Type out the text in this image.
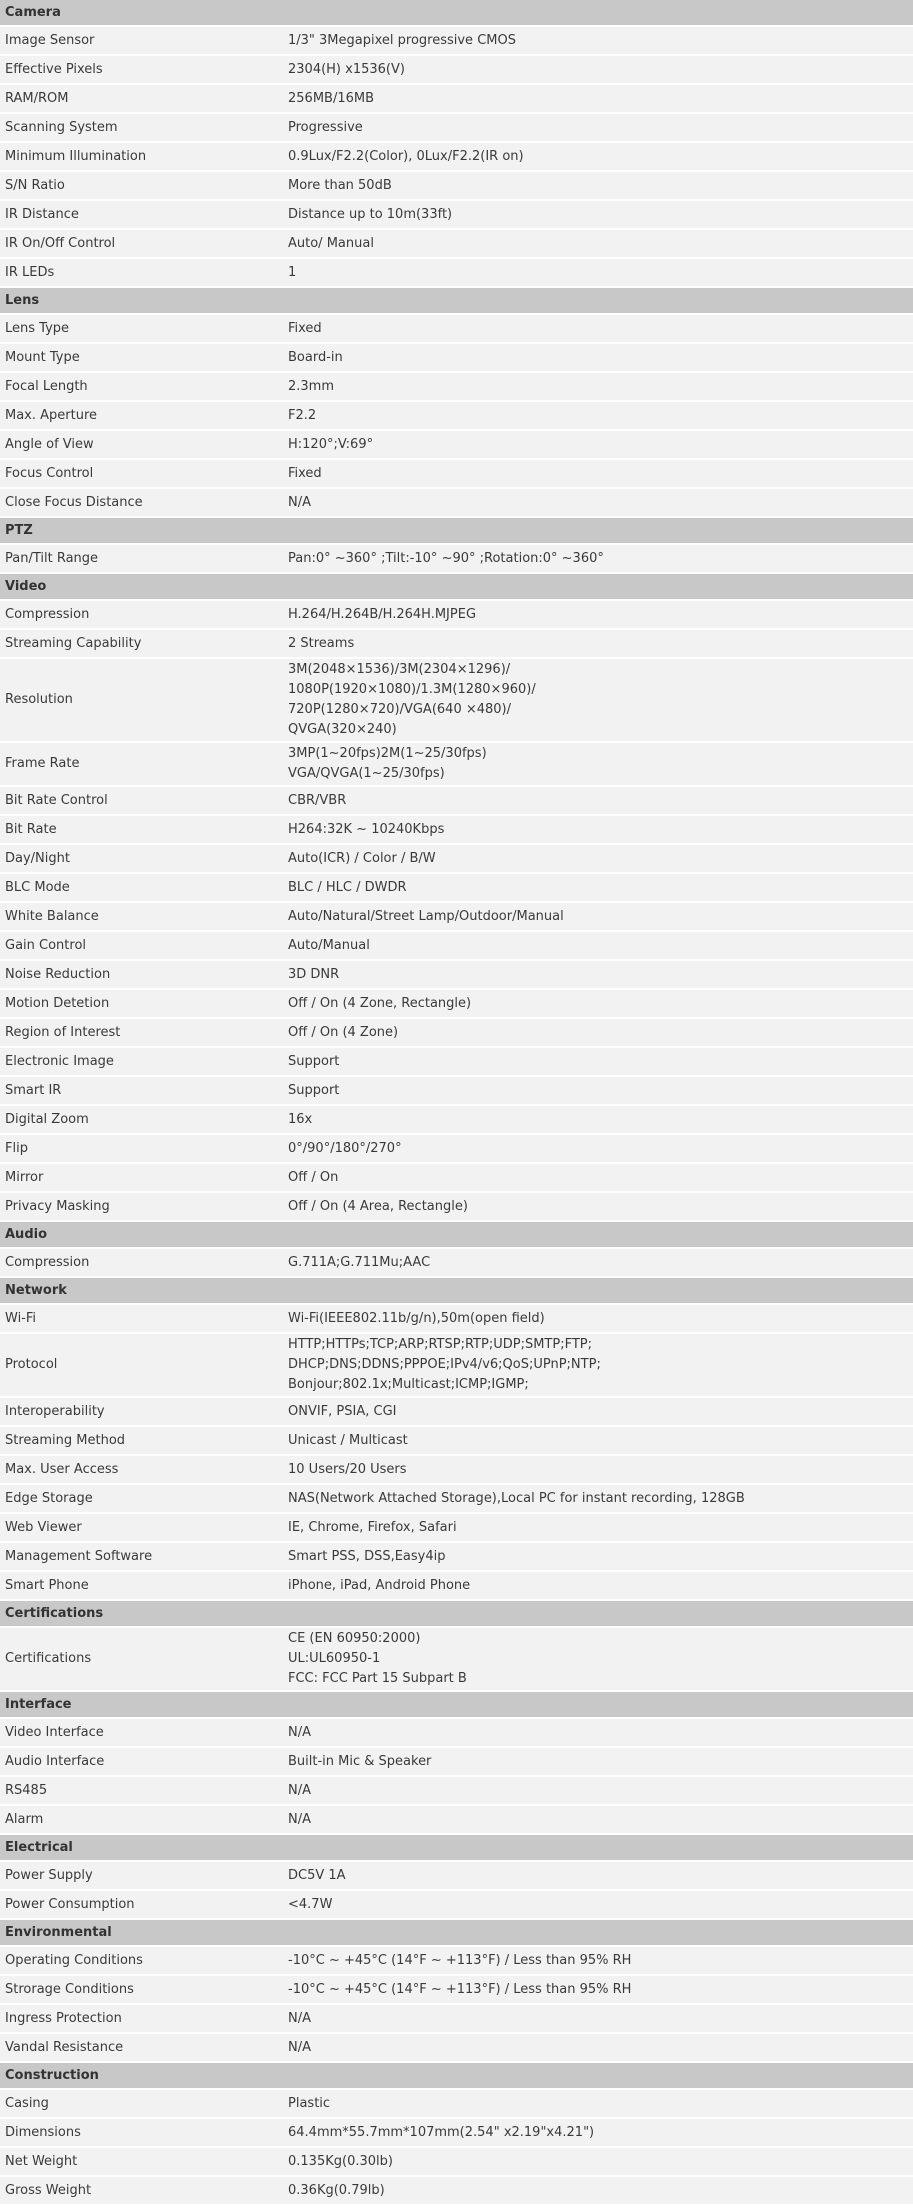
Camera	
Image Sensor	1/3" 3Megapixel progressive CMOS
Effective Pixels	2304(H) x1536(V)
RAM/ROM	256MB/16MB
Scanning System	Progressive
Minimum Illumination	0.9Lux/F2.2(Color), 0Lux/F2.2(IR on)
S/N Ratio	More than 50dB
IR Distance	Distance up to 10m(33ft)
IR On/Off Control	Auto/ Manual
IR LEDs	1
Lens	
Lens Type	Fixed
Mount Type	Board-in
Focal Length	2.3mm
Max. Aperture	F2.2
Angle of View	H:120°;V:69°
Focus Control	Fixed
Close Focus Distance	N/A
PTZ	
Pan/Tilt Range	Pan:0° ~360° ;Tilt:-10° ~90° ;Rotation:0° ~360°
Video	
Compression	H.264/H.264B/H.264H.MJPEG
Streaming Capability	2 Streams
Resolution	3M(2048×1536)/3M(2304×1296)/
1080P(1920×1080)/1.3M(1280×960)/
720P(1280×720)/VGA(640 ×480)/
QVGA(320×240)
Frame Rate	3MP(1~20fps)2M(1~25/30fps)
VGA/QVGA(1~25/30fps)
Bit Rate Control	CBR/VBR
Bit Rate	H264:32K ~ 10240Kbps
Day/Night	Auto(ICR) / Color / B/W
BLC Mode	BLC / HLC / DWDR
White Balance	Auto/Natural/Street Lamp/Outdoor/Manual
Gain Control	Auto/Manual
Noise Reduction	3D DNR
Motion Detetion	Off / On (4 Zone, Rectangle)
Region of Interest	Off / On (4 Zone)
Electronic Image	Support
Smart IR	Support
Digital Zoom	16x
Flip	0°/90°/180°/270°
Mirror	Off / On
Privacy Masking	Off / On (4 Area, Rectangle)
Audio	
Compression	G.711A;G.711Mu;AAC
Network	
Wi-Fi	Wi-Fi(IEEE802.11b/g/n),50m(open field)
Protocol	HTTP;HTTPs;TCP;ARP;RTSP;RTP;UDP;SMTP;FTP;
DHCP;DNS;DDNS;PPPOE;IPv4/v6;QoS;UPnP;NTP;
Bonjour;802.1x;Multicast;ICMP;IGMP;
Interoperability	ONVIF, PSIA, CGI
Streaming Method	Unicast / Multicast
Max. User Access	10 Users/20 Users
Edge Storage	NAS(Network Attached Storage),Local PC for instant recording, 128GB
Web Viewer	IE, Chrome, Firefox, Safari
Management Software	Smart PSS, DSS,Easy4ip
Smart Phone	iPhone, iPad, Android Phone
Certifications	
Certifications	CE (EN 60950:2000)
UL:UL60950-1
FCC: FCC Part 15 Subpart B
Interface	
Video Interface	N/A
Audio Interface	Built-in Mic & Speaker
RS485	N/A
Alarm	N/A
Electrical	
Power Supply	DC5V 1A
Power Consumption	<4.7W
Environmental	
Operating Conditions	-10°C ~ +45°C (14°F ~ +113°F) / Less than 95% RH
Strorage Conditions	-10°C ~ +45°C (14°F ~ +113°F) / Less than 95% RH
Ingress Protection	N/A
Vandal Resistance	N/A
Construction	
Casing	Plastic
Dimensions	64.4mm*55.7mm*107mm(2.54" x2.19"x4.21")
Net Weight	0.135Kg(0.30lb)
Gross Weight	0.36Kg(0.79lb)
